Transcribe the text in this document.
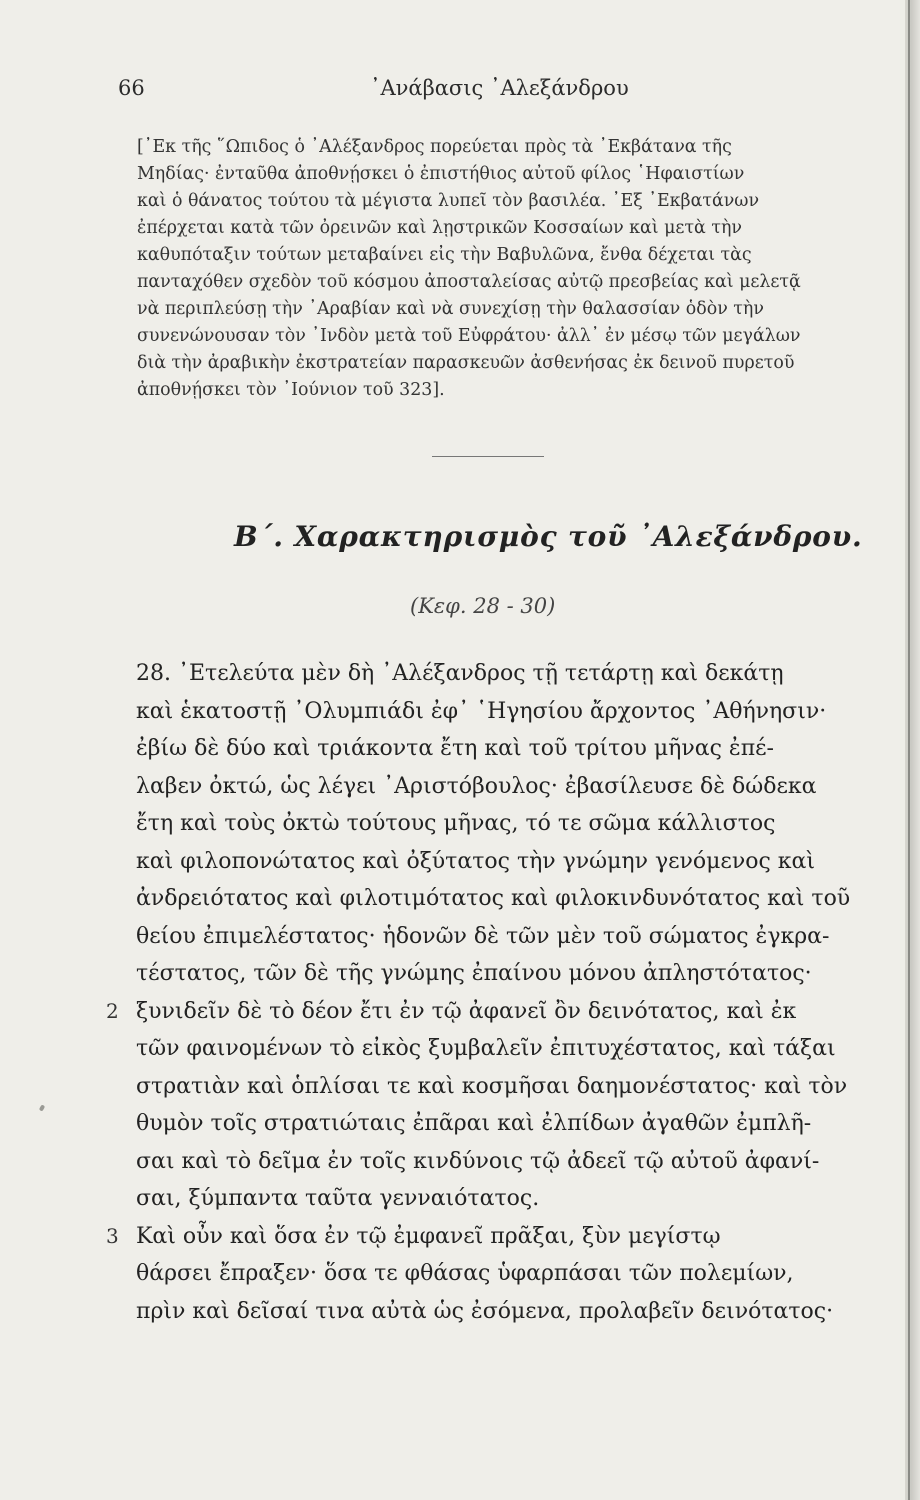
66	᾿Ανάβασις ᾿Αλεξάνδρου
[᾿Εκ τῆς ῞Ωπιδος ὁ ᾿Αλέξανδρος πορεύεται πρὸς τὰ ᾿Εκβάτανα τῆς
Μηδίας· ἐνταῦθα ἀποθνῄσκει ὁ ἐπιστήθιος αὐτοῦ φίλος ῾Ηφαιστίων
καὶ ὁ θάνατος τούτου τὰ μέγιστα λυπεῖ τὸν βασιλέα. ᾿Εξ ᾿Εκβατάνων
ἐπέρχεται κατὰ τῶν ὀρεινῶν καὶ λῃστρικῶν Κοσσαίων καὶ μετὰ τὴν
καθυπόταξιν τούτων μεταβαίνει εἰς τὴν Βαβυλῶνα, ἔνθα δέχεται τὰς
πανταχόθεν σχεδὸν τοῦ κόσμου ἀποσταλείσας αὐτῷ πρεσβείας καὶ μελετᾷ
νὰ περιπλεύσῃ τὴν ᾿Αραβίαν καὶ νὰ συνεχίσῃ τὴν θαλασσίαν ὁδὸν τὴν
συνενώνουσαν τὸν ᾿Ινδὸν μετὰ τοῦ Εὐφράτου· ἀλλ᾿ ἐν μέσῳ τῶν μεγάλων
διὰ τὴν ἀραβικὴν ἐκστρατείαν παρασκευῶν ἀσθενήσας ἐκ δεινοῦ πυρετοῦ
ἀποθνῄσκει τὸν ᾿Ιούνιον τοῦ 323].
Β΄. Χαρακτηρισμὸς τοῦ ᾿Αλεξάνδρου.
(Κεφ. 28 - 30)
28. ᾿Ετελεύτα μὲν δὴ ᾿Αλέξανδρος τῇ τετάρτῃ καὶ δεκάτῃ
καὶ ἑκατοστῇ ᾿Ολυμπιάδι ἐφ᾿ ῾Ηγησίου ἄρχοντος ᾿Αθήνησιν·
ἐβίω δὲ δύο καὶ τριάκοντα ἔτη καὶ τοῦ τρίτου μῆνας ἐπέ-
λαβεν ὀκτώ, ὡς λέγει ᾿Αριστόβουλος· ἐβασίλευσε δὲ δώδεκα
ἔτη καὶ τοὺς ὀκτὼ τούτους μῆνας, τό τε σῶμα κάλλιστος
καὶ φιλοπονώτατος καὶ ὀξύτατος τὴν γνώμην γενόμενος καὶ
ἀνδρειότατος καὶ φιλοτιμότατος καὶ φιλοκινδυνότατος καὶ τοῦ
θείου ἐπιμελέστατος· ἡδονῶν δὲ τῶν μὲν τοῦ σώματος ἐγκρα-
τέστατος, τῶν δὲ τῆς γνώμης ἐπαίνου μόνου ἀπληστότατος·
2 ξυνιδεῖν δὲ τὸ δέον ἔτι ἐν τῷ ἀφανεῖ ὂν δεινότατος, καὶ ἐκ
τῶν φαινομένων τὸ εἰκὸς ξυμβαλεῖν ἐπιτυχέστατος, καὶ τάξαι
στρατιὰν καὶ ὁπλίσαι τε καὶ κοσμῆσαι δαημονέστατος· καὶ τὸν
θυμὸν τοῖς στρατιώταις ἐπᾶραι καὶ ἐλπίδων ἀγαθῶν ἐμπλῆ-
σαι καὶ τὸ δεῖμα ἐν τοῖς κινδύνοις τῷ ἀδεεῖ τῷ αὐτοῦ ἀφανί-
σαι, ξύμπαντα ταῦτα γενναιότατος.
3 Καὶ οὖν καὶ ὅσα ἐν τῷ ἐμφανεῖ πρᾶξαι, ξὺν μεγίστῳ
θάρσει ἔπραξεν· ὅσα τε φθάσας ὑφαρπάσαι τῶν πολεμίων,
πρὶν καὶ δεῖσαί τινα αὐτὰ ὡς ἐσόμενα, προλαβεῖν δεινότατος·
